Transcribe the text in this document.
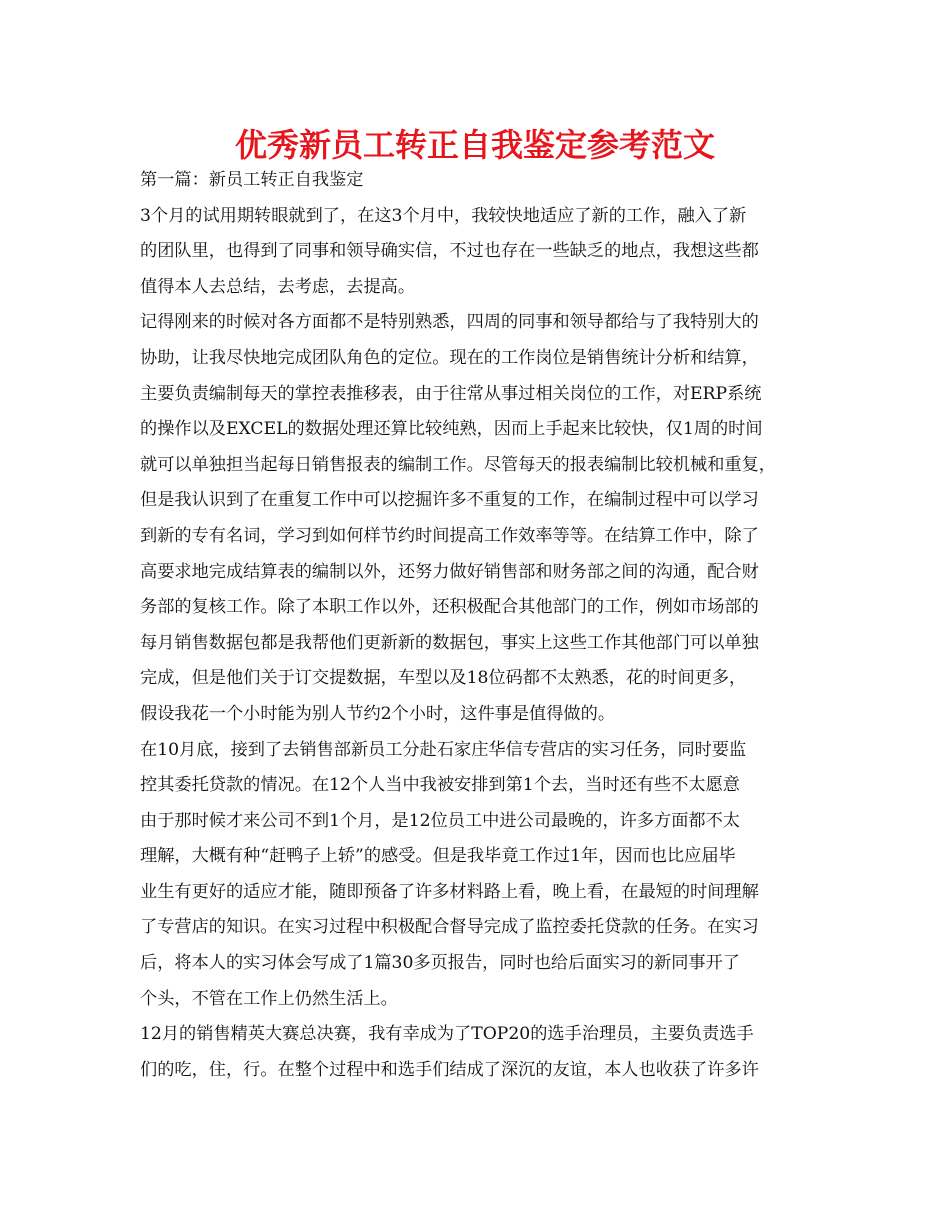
优秀新员工转正自我鉴定参考范文
第一篇：新员工转正自我鉴定
3个月的试用期转眼就到了，在这3个月中，我较快地适应了新的工作，融入了新
的团队里，也得到了同事和领导确实信，不过也存在一些缺乏的地点，我想这些都
值得本人去总结，去考虑，去提高。
记得刚来的时候对各方面都不是特别熟悉，四周的同事和领导都给与了我特别大的
协助，让我尽快地完成团队角色的定位。现在的工作岗位是销售统计分析和结算，
主要负责编制每天的掌控表推移表，由于往常从事过相关岗位的工作，对ERP系统
的操作以及EXCEL的数据处理还算比较纯熟，因而上手起来比较快，仅1周的时间
就可以单独担当起每日销售报表的编制工作。尽管每天的报表编制比较机械和重复，
但是我认识到了在重复工作中可以挖掘许多不重复的工作，在编制过程中可以学习
到新的专有名词，学习到如何样节约时间提高工作效率等等。在结算工作中，除了
高要求地完成结算表的编制以外，还努力做好销售部和财务部之间的沟通，配合财
务部的复核工作。除了本职工作以外，还积极配合其他部门的工作，例如市场部的
每月销售数据包都是我帮他们更新新的数据包，事实上这些工作其他部门可以单独
完成，但是他们关于订交提数据，车型以及18位码都不太熟悉，花的时间更多，
假设我花一个小时能为别人节约2个小时，这件事是值得做的。
在10月底，接到了去销售部新员工分赴石家庄华信专营店的实习任务，同时要监
控其委托贷款的情况。在12个人当中我被安排到第1个去，当时还有些不太愿意
由于那时候才来公司不到1个月，是12位员工中进公司最晚的，许多方面都不太
理解，大概有种“赶鸭子上轿”的感受。但是我毕竟工作过1年，因而也比应届毕
业生有更好的适应才能，随即预备了许多材料路上看，晚上看，在最短的时间理解
了专营店的知识。在实习过程中积极配合督导完成了监控委托贷款的任务。在实习
后，将本人的实习体会写成了1篇30多页报告，同时也给后面实习的新同事开了
个头，不管在工作上仍然生活上。
12月的销售精英大赛总决赛，我有幸成为了TOP20的选手治理员，主要负责选手
们的吃，住，行。在整个过程中和选手们结成了深沉的友谊，本人也收获了许多许
